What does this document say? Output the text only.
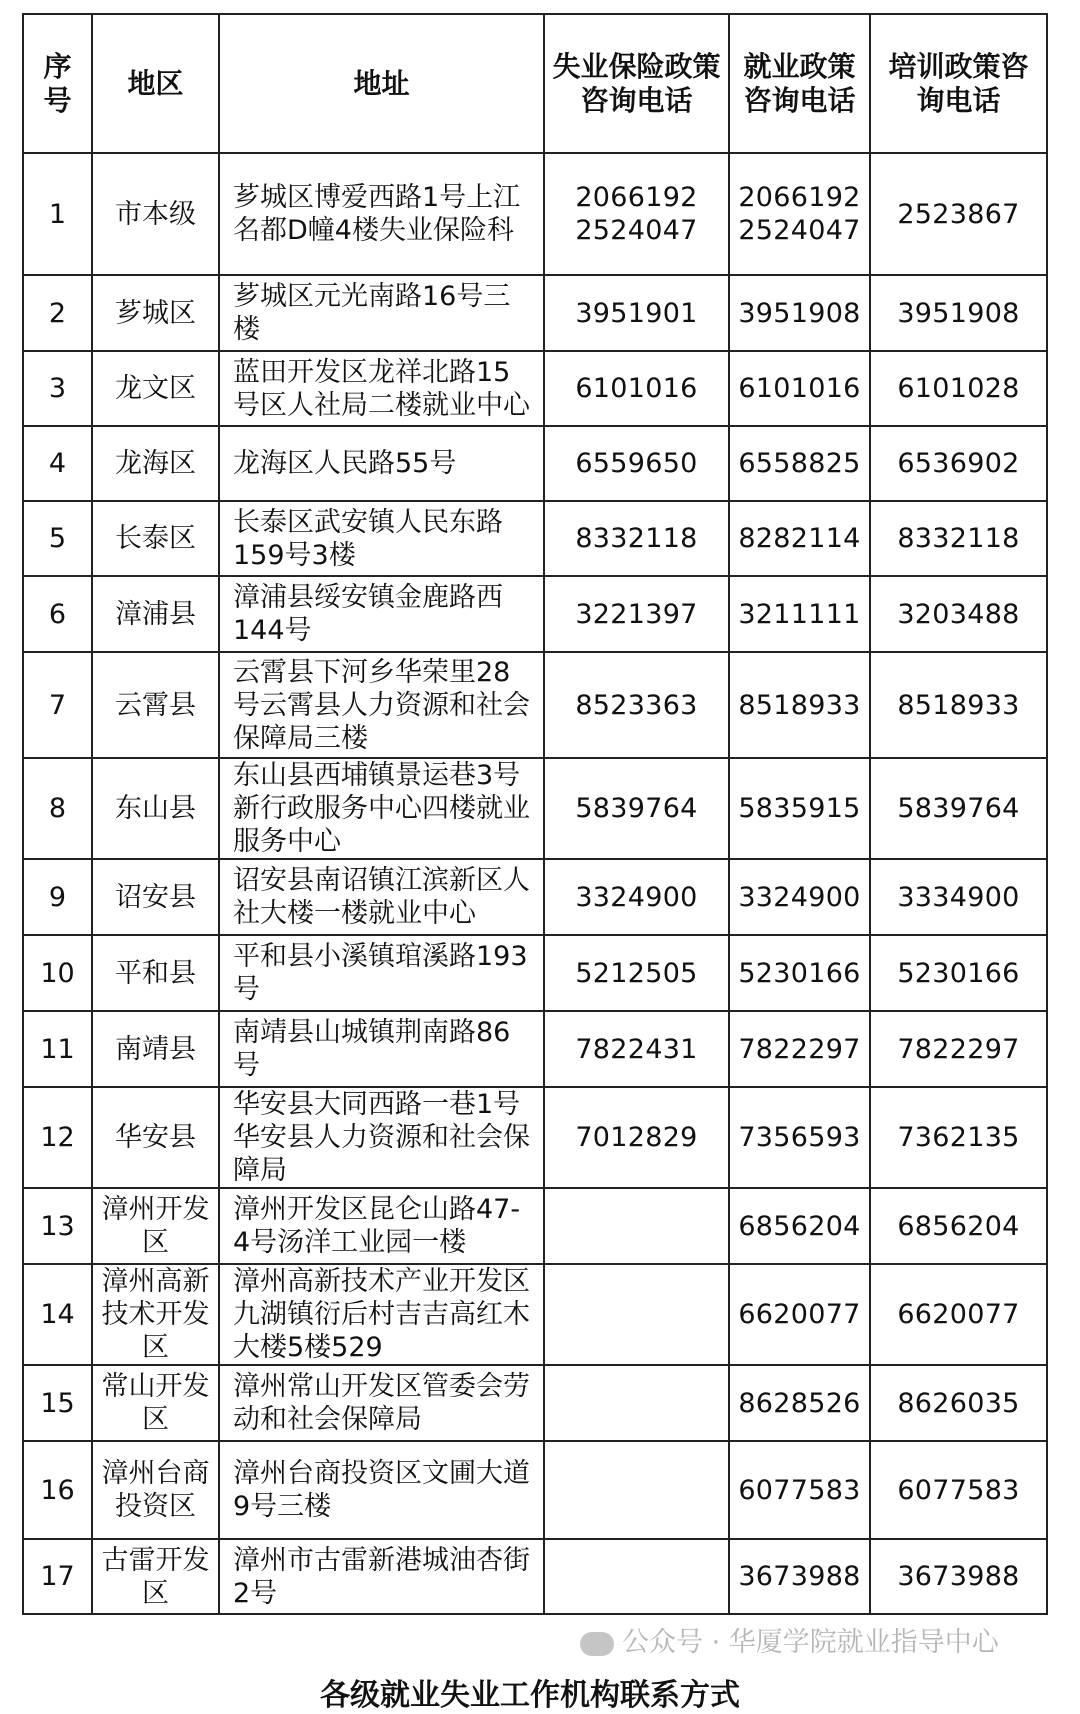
序号	地区	地址	失业保险政策咨询电话	就业政策咨询电话	培训政策咨询电话
1	市本级	芗城区博爱西路1号上江名都D幢4楼失业保险科	2066192 2524047	2066192 2524047	2523867
2	芗城区	芗城区元光南路16号三楼	3951901	3951908	3951908
3	龙文区	蓝田开发区龙祥北路15号区人社局二楼就业中心	6101016	6101016	6101028
4	龙海区	龙海区人民路55号	6559650	6558825	6536902
5	长泰区	长泰区武安镇人民东路159号3楼	8332118	8282114	8332118
6	漳浦县	漳浦县绥安镇金鹿路西144号	3221397	3211111	3203488
7	云霄县	云霄县下河乡华荣里28号云霄县人力资源和社会保障局三楼	8523363	8518933	8518933
8	东山县	东山县西埔镇景运巷3号新行政服务中心四楼就业服务中心	5839764	5835915	5839764
9	诏安县	诏安县南诏镇江滨新区人社大楼一楼就业中心	3324900	3324900	3334900
10	平和县	平和县小溪镇琯溪路193号	5212505	5230166	5230166
11	南靖县	南靖县山城镇荆南路86号	7822431	7822297	7822297
12	华安县	华安县大同西路一巷1号华安县人力资源和社会保障局	7012829	7356593	7362135
13	漳州开发区	漳州开发区昆仑山路47-4号汤洋工业园一楼		6856204	6856204
14	漳州高新技术开发区	漳州高新技术产业开发区九湖镇衍后村吉吉高红木大楼5楼529		6620077	6620077
15	常山开发区	漳州常山开发区管委会劳动和社会保障局		8628526	8626035
16	漳州台商投资区	漳州台商投资区文圃大道9号三楼		6077583	6077583
17	古雷开发区	漳州市古雷新港城油杏街2号		3673988	3673988
公众号 · 华厦学院就业指导中心
各级就业失业工作机构联系方式
